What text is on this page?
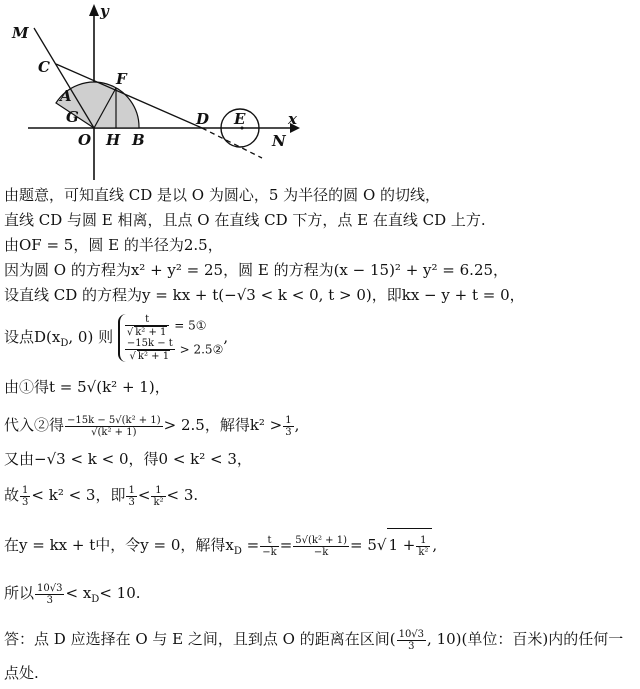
M
C
F
A
G
O H B
D E
N
x
y
由题意，可知直线 CD 是以 O 为圆心，5 为半径的圆 O 的切线，
直线 CD 与圆 E 相离，且点 O 在直线 CD 下方，点 E 在直线 CD 上方.
由OF = 5，圆 E 的半径为2.5，
因为圆 O 的方程为x² + y² = 25，圆 E 的方程为(x − 15)² + y² = 6.25，
设直线 CD 的方程为y = kx + t(−√3 < k < 0, t > 0)，即kx − y + t = 0，
设点$D(x_D$, 0) 则 $\frac{t}{\text{√ k² + 1}}$ = 5①
$\frac{-15k - t}{\text{√ k² + 1}}$ > 2.5②
,
由①得t = 5√(k² + 1)，
代入②得 $\frac{\text{−15k − 5√(k² + 1)}}{\text{√(k² + 1)}} > 2.5$，解得$k^2 > \frac{1}{3}$ ,
又由−√3 < k < 0，得0 < k² < 3，
故 $\frac{1}{3} < k^2 < 3$，即 $\frac{1}{3} < \frac{1}{\text{k²}} < 3$.
在y = kx + t中，令y = 0，解得$x_D = \frac{t}{-k} = \frac{\text{5√(k² + 1)}}{-k} = 5√$ $1 + \frac{1}{\text{k²}}$ ,
所以 $\frac{10√3}{3} < x_D< 10$.
答：点 D 应选择在 O 与 E 之间，且到点 O 的距离在区间( $\frac{10√3}{3}$ , 10)(单位：百米)内的任何一
点处.
